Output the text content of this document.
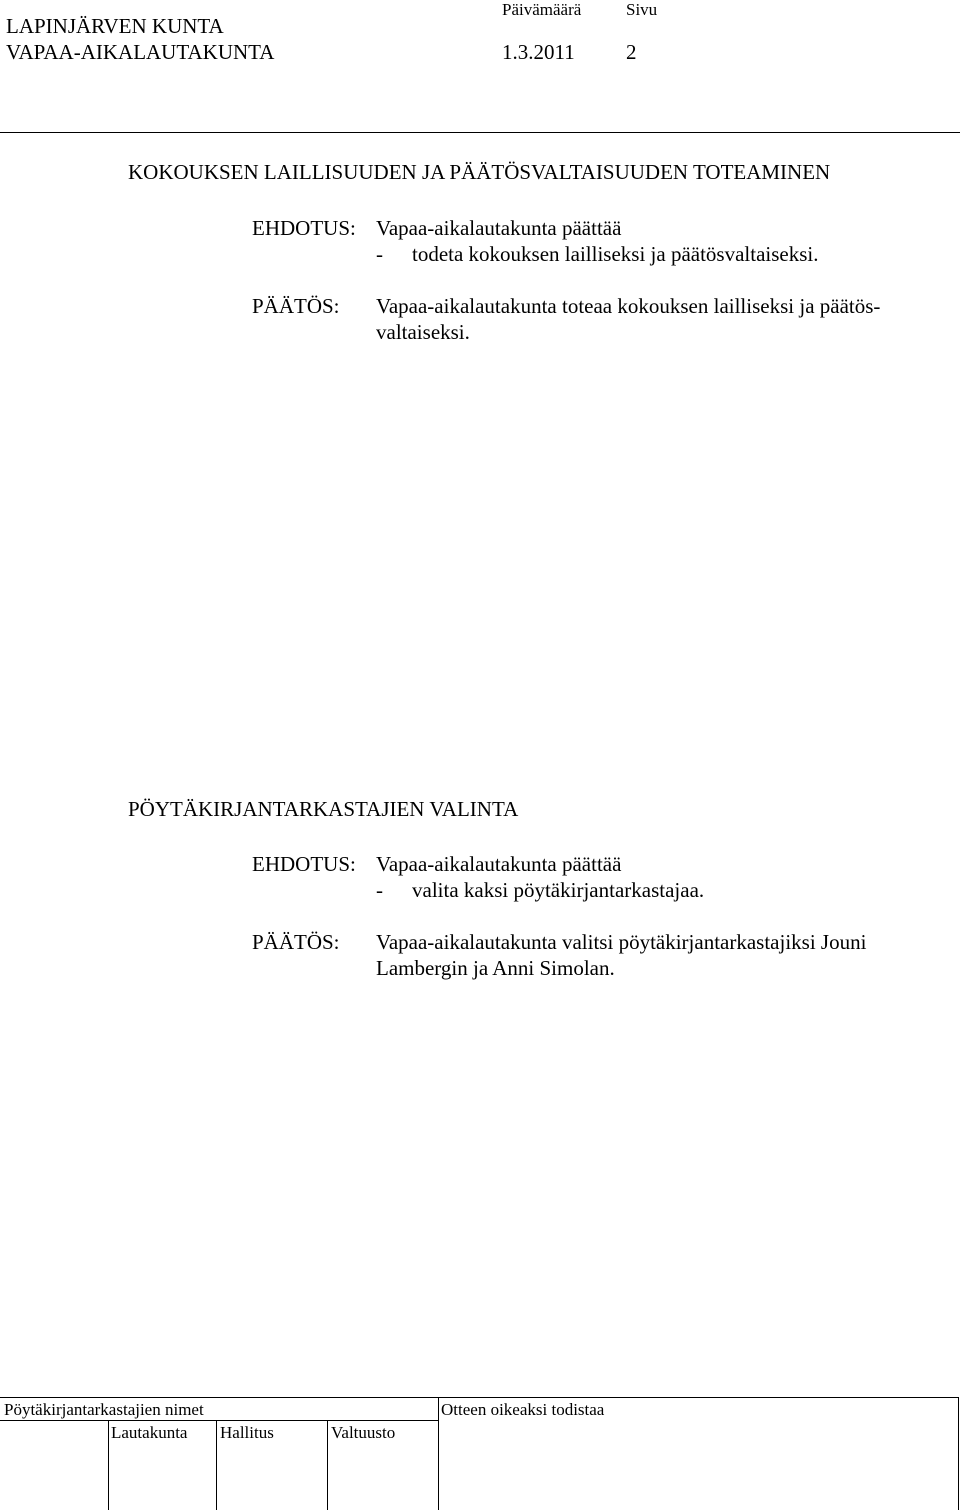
LAPINJÄRVEN KUNTA
VAPAA-AIKALAUTAKUNTA
Päivämäärä
1.3.2011
Sivu
2
KOKOUKSEN LAILLISUUDEN JA PÄÄTÖSVALTAISUUDEN TOTEAMINEN
EHDOTUS: Vapaa-aikalautakunta päättää
- todeta kokouksen lailliseksi ja päätösvaltaiseksi.
PÄÄTÖS: Vapaa-aikalautakunta toteaa kokouksen lailliseksi ja päätös-
valtaiseksi.
PÖYTÄKIRJANTARKASTAJIEN VALINTA
EHDOTUS: Vapaa-aikalautakunta päättää
- valita kaksi pöytäkirjantarkastajaa.
PÄÄTÖS: Vapaa-aikalautakunta valitsi pöytäkirjantarkastajiksi Jouni
Lambergin ja Anni Simolan.
Pöytäkirjantarkastajien nimet	Otteen oikeaksi todistaa
Lautakunta Hallitus	Valtuusto
